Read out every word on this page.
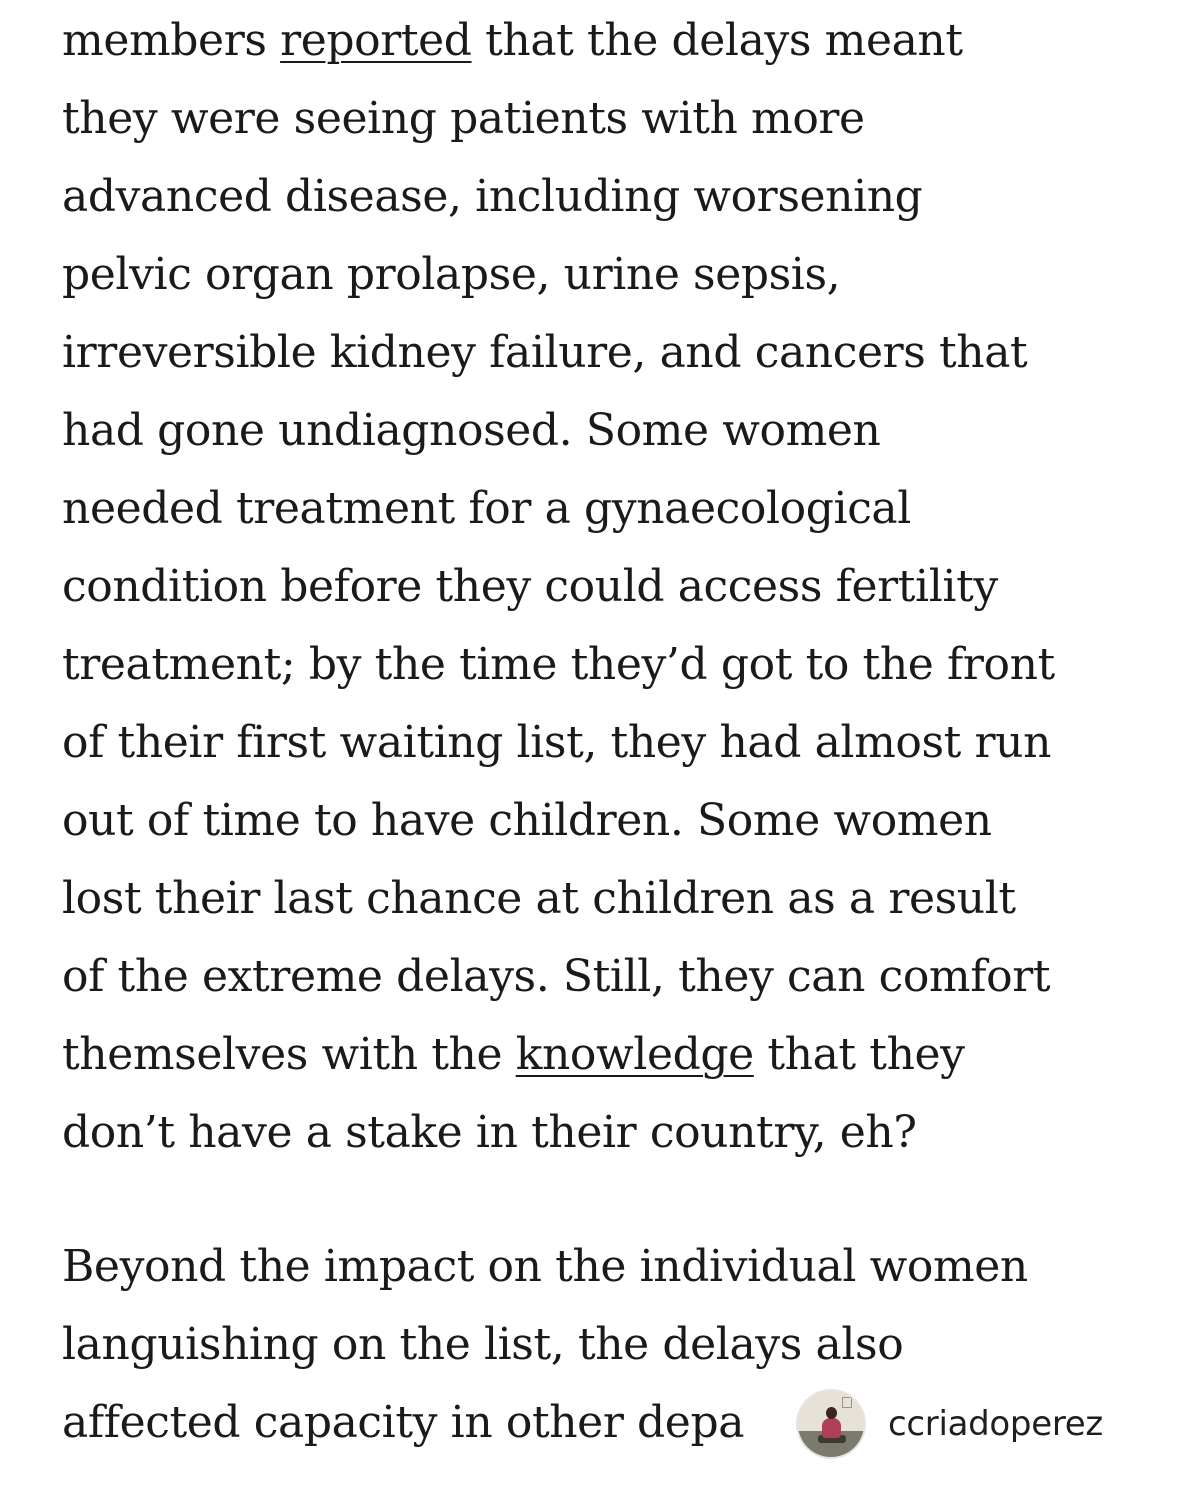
members reported that the delays meant
they were seeing patients with more
advanced disease, including worsening
pelvic organ prolapse, urine sepsis,
irreversible kidney failure, and cancers that
had gone undiagnosed. Some women
needed treatment for a gynaecological
condition before they could access fertility
treatment; by the time they’d got to the front
of their first waiting list, they had almost run
out of time to have children. Some women
lost their last chance at children as a result
of the extreme delays. Still, they can comfort
themselves with the knowledge that they
don’t have a stake in their country, eh?
Beyond the impact on the individual women
languishing on the list, the delays also
affected capacity in other depa	ccriadoperez
